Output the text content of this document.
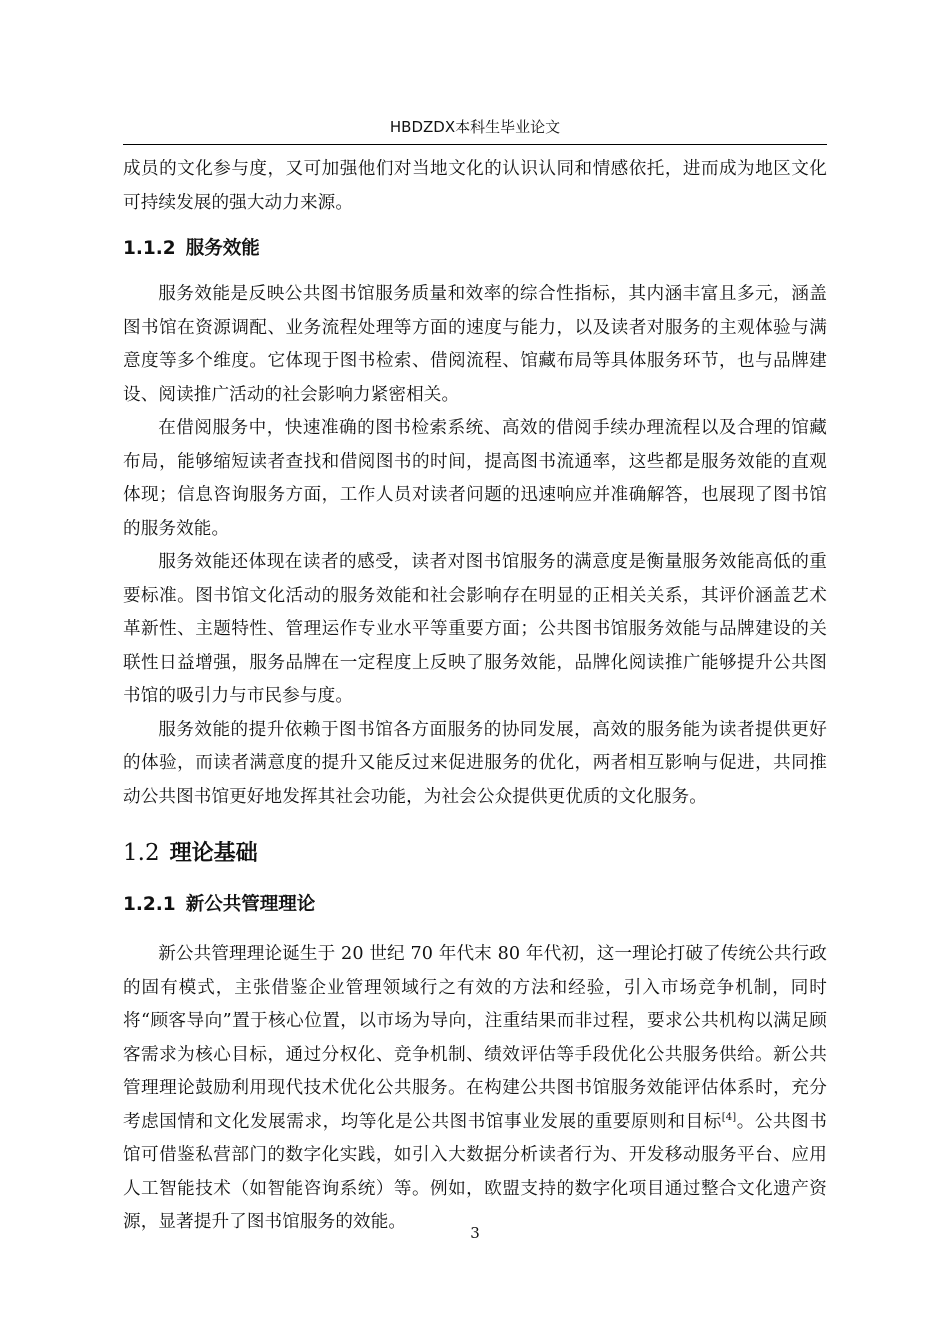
HBDZDX本科生毕业论文

成员的文化参与度，又可加强他们对当地文化的认识认同和情感依托，进而成为地区文化可持续发展的强大动力来源。

1.1.2 服务效能

服务效能是反映公共图书馆服务质量和效率的综合性指标，其内涵丰富且多元，涵盖图书馆在资源调配、业务流程处理等方面的速度与能力，以及读者对服务的主观体验与满意度等多个维度。它体现于图书检索、借阅流程、馆藏布局等具体服务环节，也与品牌建设、阅读推广活动的社会影响力紧密相关。

在借阅服务中，快速准确的图书检索系统、高效的借阅手续办理流程以及合理的馆藏布局，能够缩短读者查找和借阅图书的时间，提高图书流通率，这些都是服务效能的直观体现；信息咨询服务方面，工作人员对读者问题的迅速响应并准确解答，也展现了图书馆的服务效能。

服务效能还体现在读者的感受，读者对图书馆服务的满意度是衡量服务效能高低的重要标准。图书馆文化活动的服务效能和社会影响存在明显的正相关关系，其评价涵盖艺术革新性、主题特性、管理运作专业水平等重要方面；公共图书馆服务效能与品牌建设的关联性日益增强，服务品牌在一定程度上反映了服务效能，品牌化阅读推广能够提升公共图书馆的吸引力与市民参与度。

服务效能的提升依赖于图书馆各方面服务的协同发展，高效的服务能为读者提供更好的体验，而读者满意度的提升又能反过来促进服务的优化，两者相互影响与促进，共同推动公共图书馆更好地发挥其社会功能，为社会公众提供更优质的文化服务。

1.2 理论基础
1.2.1 新公共管理理论

新公共管理理论诞生于 20 世纪 70 年代末 80 年代初，这一理论打破了传统公共行政的固有模式，主张借鉴企业管理领域行之有效的方法和经验，引入市场竞争机制，同时将“顾客导向”置于核心位置，以市场为导向，注重结果而非过程，要求公共机构以满足顾客需求为核心目标，通过分权化、竞争机制、绩效评估等手段优化公共服务供给。新公共管理理论鼓励利用现代技术优化公共服务。在构建公共图书馆服务效能评估体系时，充分考虑国情和文化发展需求，均等化是公共图书馆事业发展的重要原则和目标[4]。公共图书馆可借鉴私营部门的数字化实践，如引入大数据分析读者行为、开发移动服务平台、应用人工智能技术（如智能咨询系统）等。例如，欧盟支持的数字化项目通过整合文化遗产资源，显著提升了图书馆服务的效能。

3
